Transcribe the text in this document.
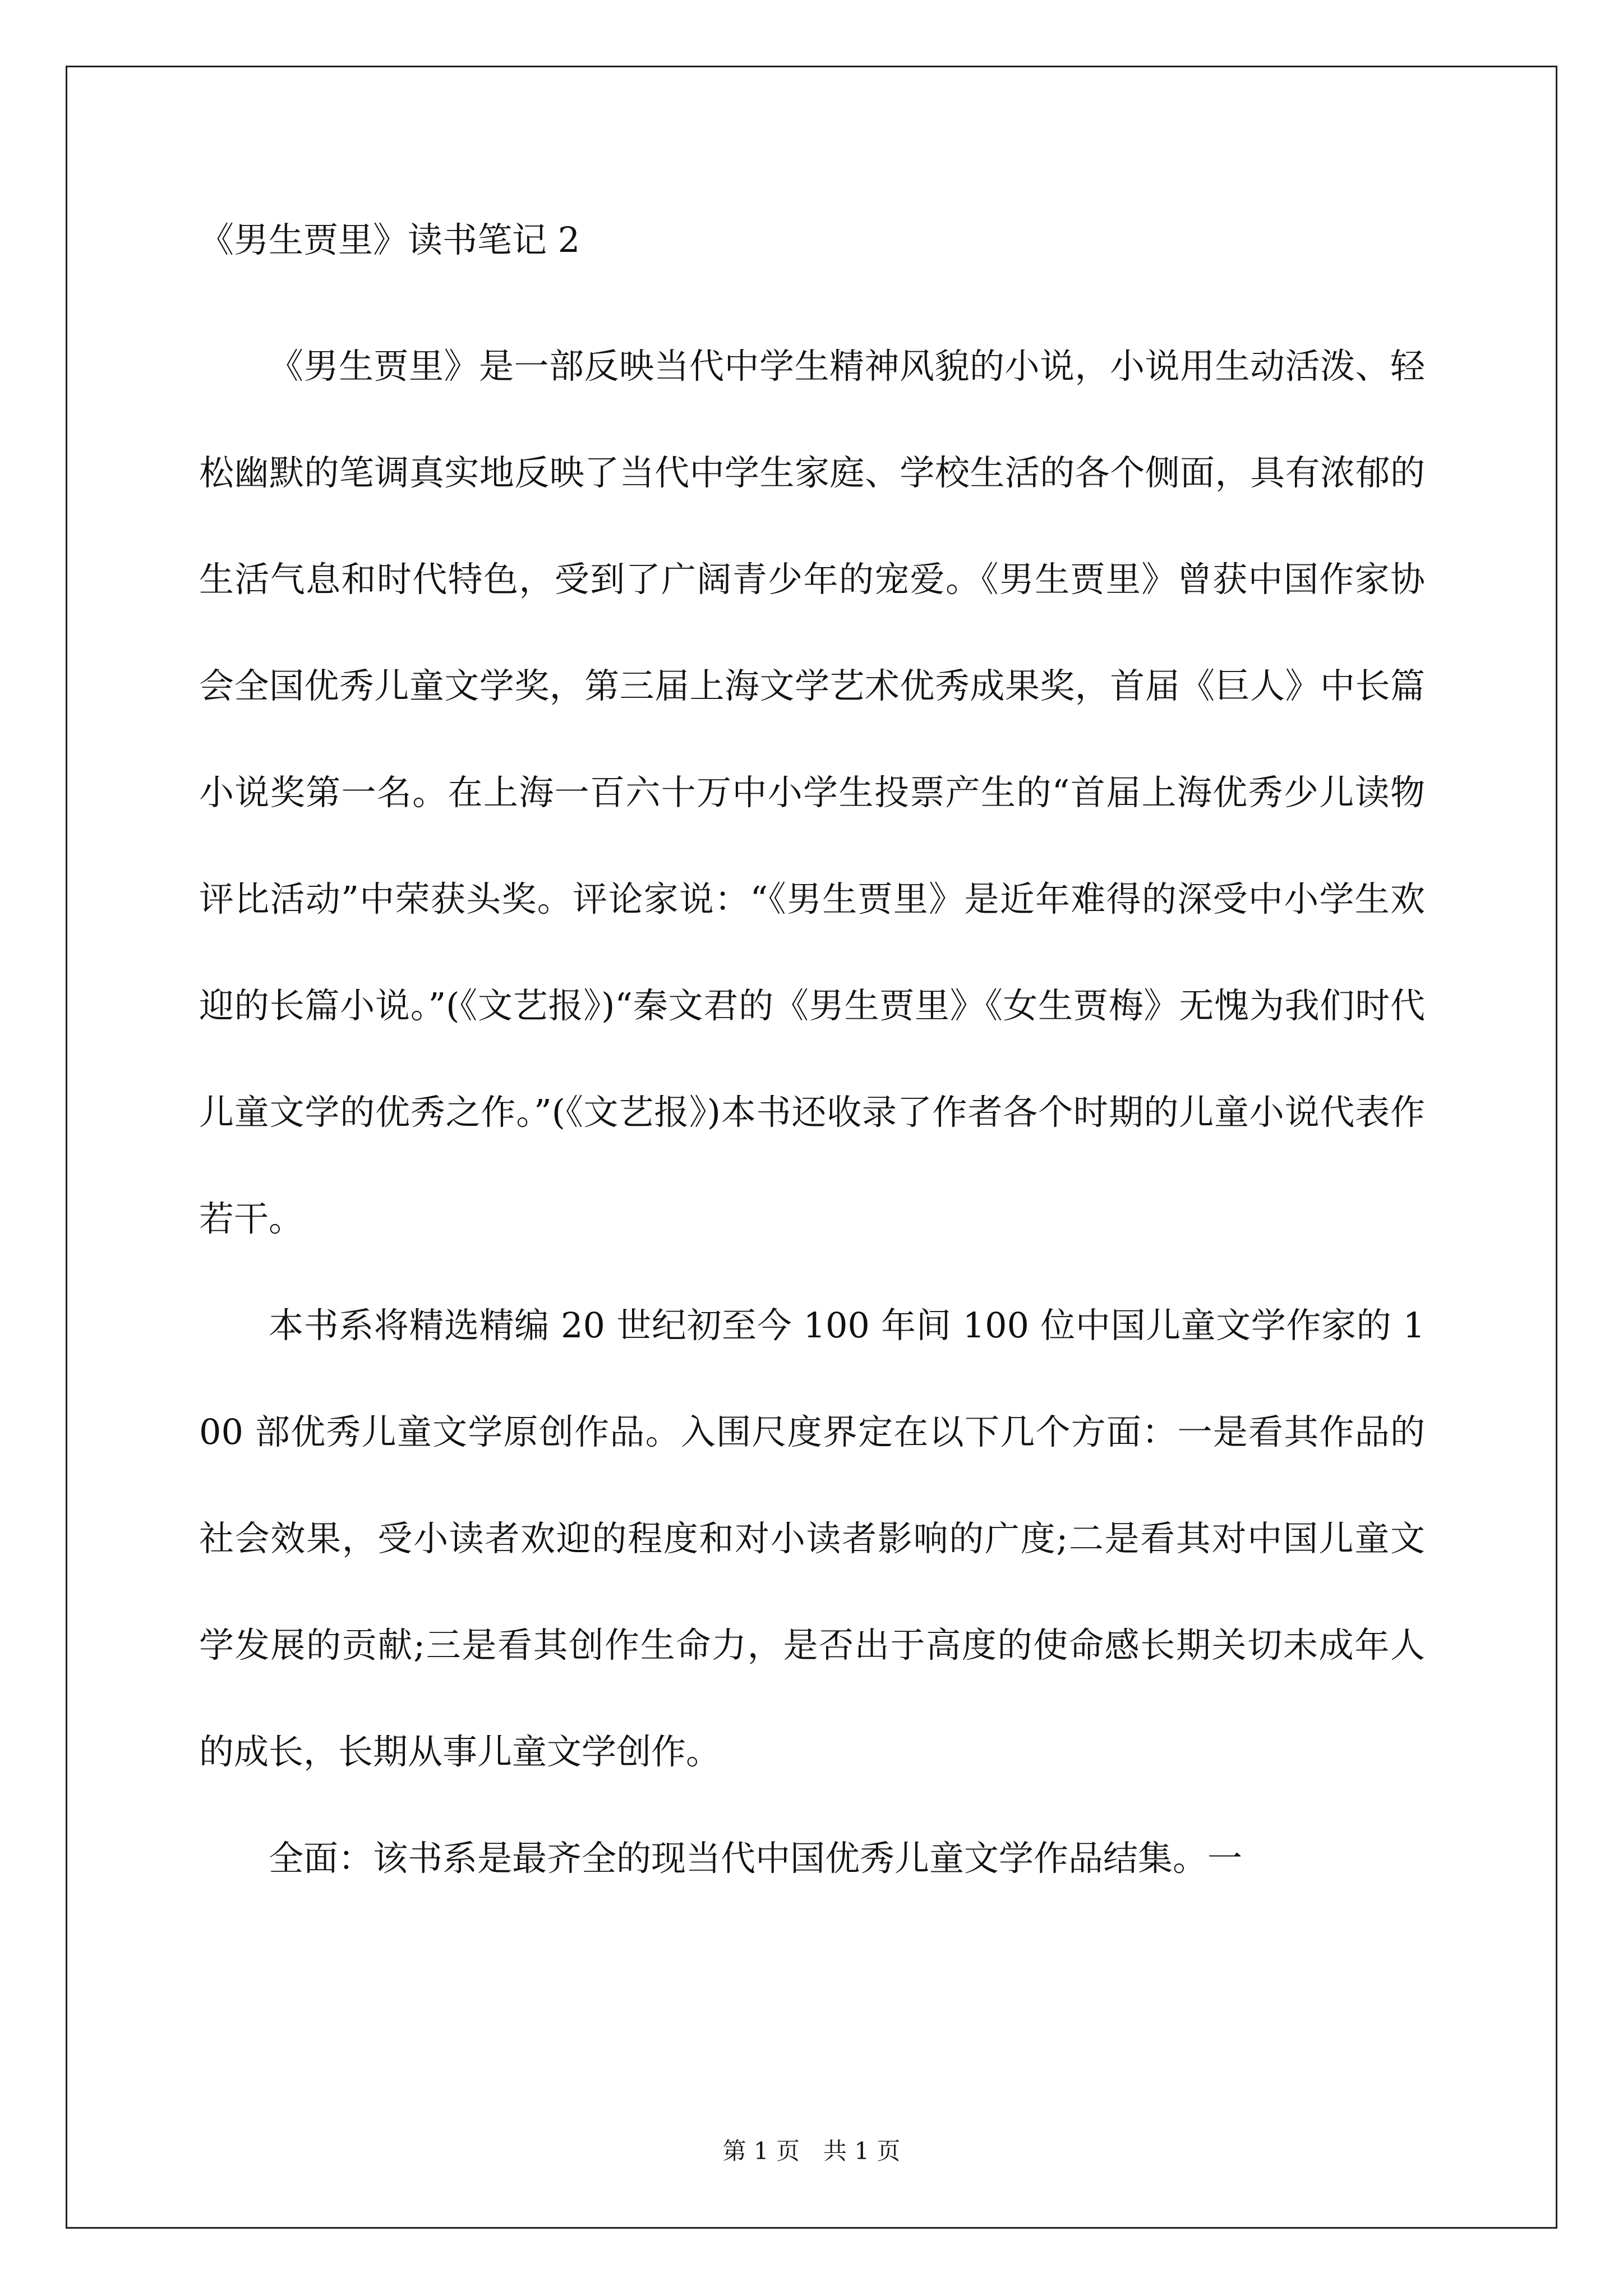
《男生贾里》读书笔记 2

《男生贾里》是一部反映当代中学生精神风貌的小说，小说用生动活泼、轻松幽默的笔调真实地反映了当代中学生家庭、学校生活的各个侧面，具有浓郁的生活气息和时代特色，受到了广阔青少年的宠爱。《男生贾里》曾获中国作家协会全国优秀儿童文学奖，第三届上海文学艺术优秀成果奖，首届《巨人》中长篇小说奖第一名。在上海一百六十万中小学生投票产生的“首届上海优秀少儿读物评比活动”中荣获头奖。评论家说：“《男生贾里》是近年难得的深受中小学生欢迎的长篇小说。”(《文艺报》)“秦文君的《男生贾里》《女生贾梅》无愧为我们时代儿童文学的优秀之作。”(《文艺报》)本书还收录了作者各个时期的儿童小说代表作若干。

本书系将精选精编 20 世纪初至今 100 年间 100 位中国儿童文学作家的 100 部优秀儿童文学原创作品。入围尺度界定在以下几个方面：一是看其作品的社会效果，受小读者欢迎的程度和对小读者影响的广度;二是看其对中国儿童文学发展的贡献;三是看其创作生命力，是否出于高度的使命感长期关切未成年人的成长，长期从事儿童文学创作。

全面：该书系是最齐全的现当代中国优秀儿童文学作品结集。一

第 1 页　共 1 页
